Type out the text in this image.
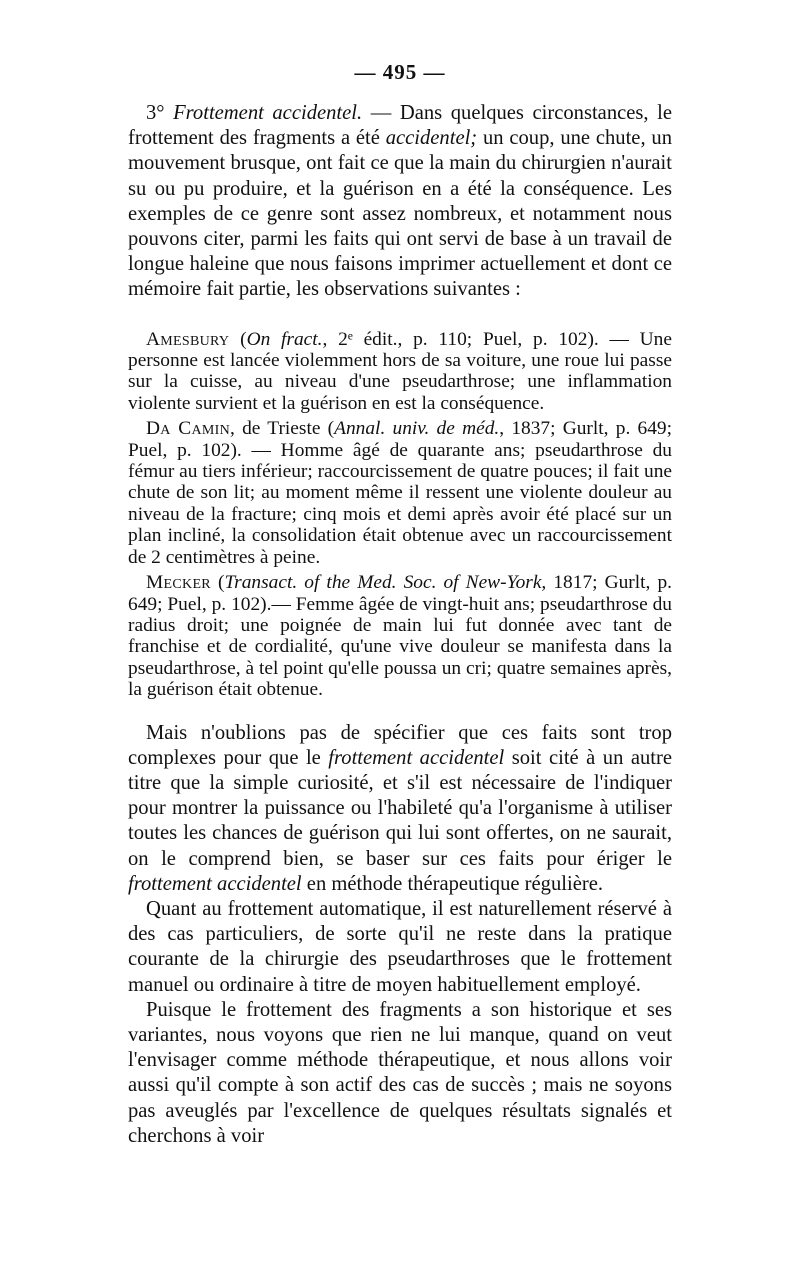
— 495 —

3° Frottement accidentel. — Dans quelques circonstances, le frottement des fragments a été accidentel; un coup, une chute, un mouvement brusque, ont fait ce que la main du chirurgien n'aurait su ou pu produire, et la guérison en a été la conséquence. Les exemples de ce genre sont assez nombreux, et notamment nous pouvons citer, parmi les faits qui ont servi de base à un travail de longue haleine que nous faisons imprimer actuellement et dont ce mémoire fait partie, les observations suivantes :

Amesbury (On fract., 2ᵉ édit., p. 110; Puel, p. 102). — Une personne est lancée violemment hors de sa voiture, une roue lui passe sur la cuisse, au niveau d'une pseudarthrose; une inflammation violente survient et la guérison en est la conséquence.

Da Camin, de Trieste (Annal. univ. de méd., 1837; Gurlt, p. 649; Puel, p. 102). — Homme âgé de quarante ans; pseudarthrose du fémur au tiers inférieur; raccourcissement de quatre pouces; il fait une chute de son lit; au moment même il ressent une violente douleur au niveau de la fracture; cinq mois et demi après avoir été placé sur un plan incliné, la consolidation était obtenue avec un raccourcissement de 2 centimètres à peine.

Mecker (Transact. of the Med. Soc. of New-York, 1817; Gurlt, p. 649; Puel, p. 102).— Femme âgée de vingt-huit ans; pseudarthrose du radius droit; une poignée de main lui fut donnée avec tant de franchise et de cordialité, qu'une vive douleur se manifesta dans la pseudarthrose, à tel point qu'elle poussa un cri; quatre semaines après, la guérison était obtenue.

Mais n'oublions pas de spécifier que ces faits sont trop complexes pour que le frottement accidentel soit cité à un autre titre que la simple curiosité, et s'il est nécessaire de l'indiquer pour montrer la puissance ou l'habileté qu'a l'organisme à utiliser toutes les chances de guérison qui lui sont offertes, on ne saurait, on le comprend bien, se baser sur ces faits pour ériger le frottement accidentel en méthode thérapeutique régulière.

Quant au frottement automatique, il est naturellement réservé à des cas particuliers, de sorte qu'il ne reste dans la pratique courante de la chirurgie des pseudarthroses que le frottement manuel ou ordinaire à titre de moyen habituellement employé.

Puisque le frottement des fragments a son historique et ses variantes, nous voyons que rien ne lui manque, quand on veut l'envisager comme méthode thérapeutique, et nous allons voir aussi qu'il compte à son actif des cas de succès ; mais ne soyons pas aveuglés par l'excellence de quelques résultats signalés et cherchons à voir
